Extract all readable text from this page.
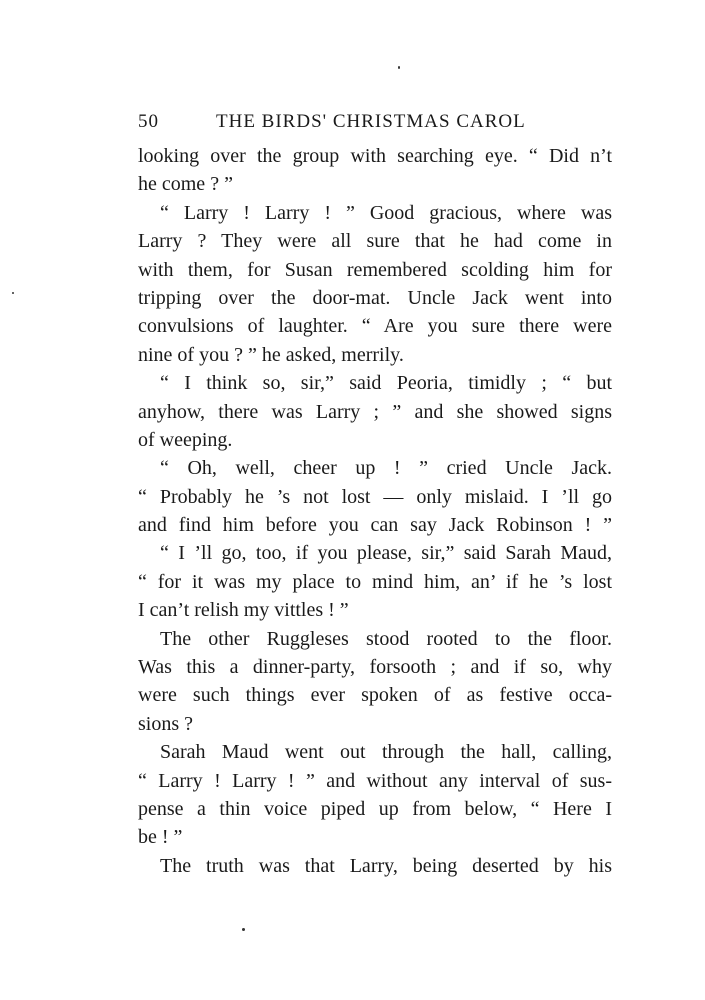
50	THE BIRDS' CHRISTMAS CAROL
looking over the group with searching eye. “ Did n’t
he come ? ”
“ Larry ! Larry ! ” Good gracious, where was
Larry ? They were all sure that he had come in
with them, for Susan remembered scolding him for
tripping over the door-mat. Uncle Jack went into
convulsions of laughter. “ Are you sure there were
nine of you ? ” he asked, merrily.
“ I think so, sir,” said Peoria, timidly ; “ but
anyhow, there was Larry ; ” and she showed signs
of weeping.
“ Oh, well, cheer up ! ” cried Uncle Jack.
“ Probably he ’s not lost — only mislaid. I ’ll go
and find him before you can say Jack Robinson ! ”
“ I ’ll go, too, if you please, sir,” said Sarah Maud,
“ for it was my place to mind him, an’ if he ’s lost
I can’t relish my vittles ! ”
The other Ruggleses stood rooted to the floor.
Was this a dinner-party, forsooth ; and if so, why
were such things ever spoken of as festive occa-
sions ?
Sarah Maud went out through the hall, calling,
“ Larry ! Larry ! ” and without any interval of sus-
pense a thin voice piped up from below, “ Here I
be ! ”
The truth was that Larry, being deserted by his
